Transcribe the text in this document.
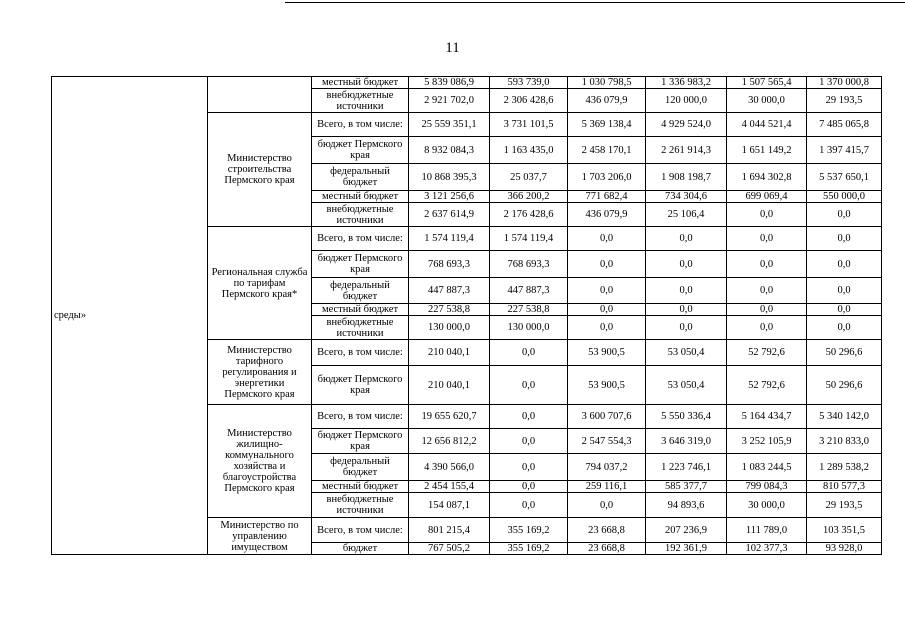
11
среды»		местный бюджет	5 839 086,9	593 739,0	1 030 798,5	1 336 983,2	1 507 565,4	1 370 000,8
		внебюджетные источники	2 921 702,0	2 306 428,6	436 079,9	120 000,0	30 000,0	29 193,5
	Министерство строительства Пермского края	Всего, в том числе:	25 559 351,1	3 731 101,5	5 369 138,4	4 929 524,0	4 044 521,4	7 485 065,8
		бюджет Пермского края	8 932 084,3	1 163 435,0	2 458 170,1	2 261 914,3	1 651 149,2	1 397 415,7
		федеральный бюджет	10 868 395,3	25 037,7	1 703 206,0	1 908 198,7	1 694 302,8	5 537 650,1
		местный бюджет	3 121 256,6	366 200,2	771 682,4	734 304,6	699 069,4	550 000,0
		внебюджетные источники	2 637 614,9	2 176 428,6	436 079,9	25 106,4	0,0	0,0
	Региональная служба по тарифам Пермского края*	Всего, в том числе:	1 574 119,4	1 574 119,4	0,0	0,0	0,0	0,0
		бюджет Пермского края	768 693,3	768 693,3	0,0	0,0	0,0	0,0
		федеральный бюджет	447 887,3	447 887,3	0,0	0,0	0,0	0,0
		местный бюджет	227 538,8	227 538,8	0,0	0,0	0,0	0,0
		внебюджетные источники	130 000,0	130 000,0	0,0	0,0	0,0	0,0
	Министерство тарифного регулирования и энергетики Пермского края	Всего, в том числе:	210 040,1	0,0	53 900,5	53 050,4	52 792,6	50 296,6
		бюджет Пермского края	210 040,1	0,0	53 900,5	53 050,4	52 792,6	50 296,6
	Министерство жилищно-коммунального хозяйства и благоустройства Пермского края	Всего, в том числе:	19 655 620,7	0,0	3 600 707,6	5 550 336,4	5 164 434,7	5 340 142,0
		бюджет Пермского края	12 656 812,2	0,0	2 547 554,3	3 646 319,0	3 252 105,9	3 210 833,0
		федеральный бюджет	4 390 566,0	0,0	794 037,2	1 223 746,1	1 083 244,5	1 289 538,2
		местный бюджет	2 454 155,4	0,0	259 116,1	585 377,7	799 084,3	810 577,3
		внебюджетные источники	154 087,1	0,0	0,0	94 893,6	30 000,0	29 193,5
	Министерство по управлению имуществом	Всего, в том числе:	801 215,4	355 169,2	23 668,8	207 236,9	111 789,0	103 351,5
		бюджет	767 505,2	355 169,2	23 668,8	192 361,9	102 377,3	93 928,0
